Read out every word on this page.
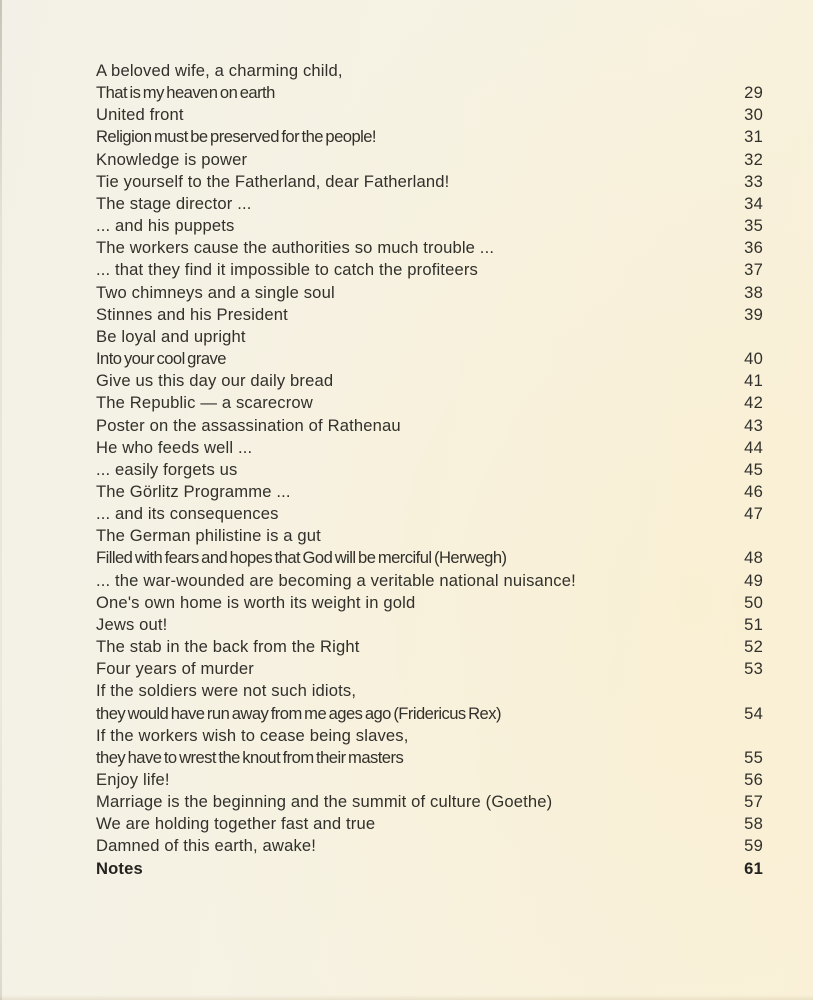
A beloved wife, a charming child,
That is my heaven on earth	29
United front	30
Religion must be preserved for the people!	31
Knowledge is power	32
Tie yourself to the Fatherland, dear Fatherland!	33
The stage director ...	34
... and his puppets	35
The workers cause the authorities so much trouble ...	36
... that they find it impossible to catch the profiteers	37
Two chimneys and a single soul	38
Stinnes and his President	39
Be loyal and upright
Into your cool grave	40
Give us this day our daily bread	41
The Republic — a scarecrow	42
Poster on the assassination of Rathenau	43
He who feeds well ...	44
... easily forgets us	45
The Görlitz Programme ...	46
... and its consequences	47
The German philistine is a gut
Filled with fears and hopes that God will be merciful (Herwegh)	48
... the war-wounded are becoming a veritable national nuisance!	49
One's own home is worth its weight in gold	50
Jews out!	51
The stab in the back from the Right	52
Four years of murder	53
If the soldiers were not such idiots,
they would have run away from me ages ago (Fridericus Rex)	54
If the workers wish to cease being slaves,
they have to wrest the knout from their masters	55
Enjoy life!	56
Marriage is the beginning and the summit of culture (Goethe)	57
We are holding together fast and true	58
Damned of this earth, awake!	59
Notes	61
